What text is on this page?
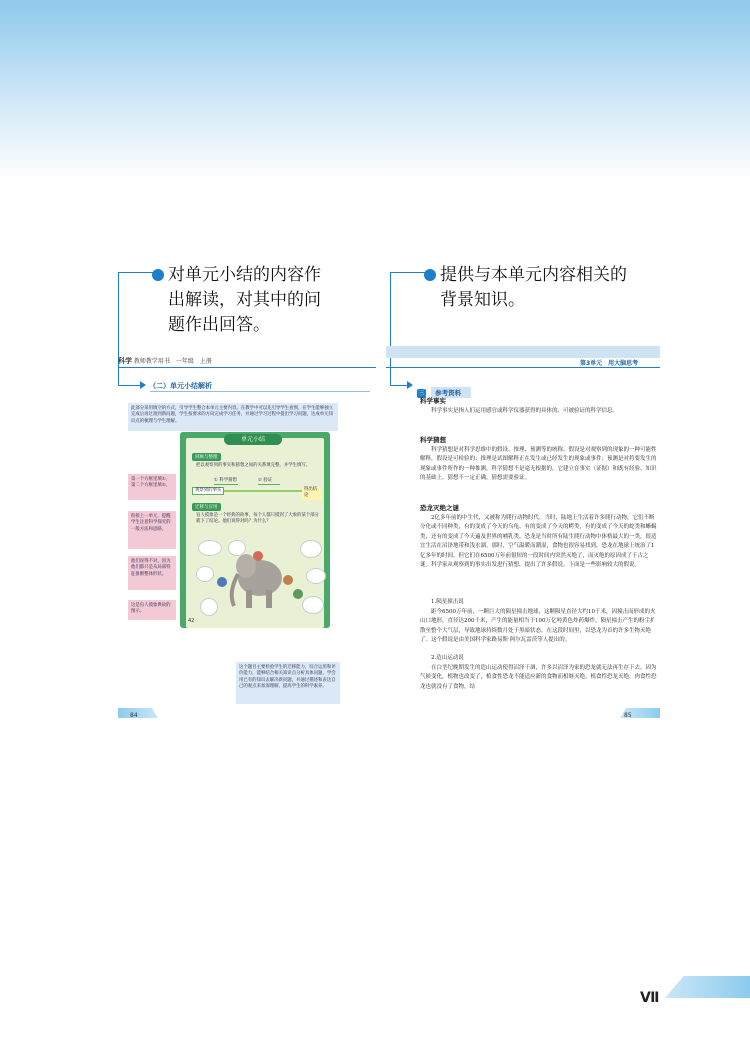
对单元小结的内容作
出解读，对其中的问
题作出回答。
提供与本单元内容相关的
背景知识。
科学 教师教学用书　一年级　上册	第3单元　用大脑思考
（二）单元小结解析
此部分采用填空的方式，引导学生整合本单元主要内容。在教学中可以先引导学生看图，在学生能够独立完成后再过渡到新问题，学生按要求的方向完成学习任务，并通过学习过程中提出学习问题，达成单元知识点的梳理与学生理解。
第一个方框里填①，第二个方框里填②。
衔接上一单元，提醒学生注意科学探究的一般方法和思路。
他们说得不对，因为他们都只是从局部特征推断整体形状。
这是盲人摸象典故的图示。
单元小结
回顾与整理
把以观察到的事实和猜想之间的关系填完整，并学生填写。
① 科学猜想	② 验证
观察到的事实	得出结论
迁移与应用
盲人摸象是一个经典的故事，每个人都只摸到了大象的某个部分就下了结论。他们说得对吗？为什么？
42
这个题目主要检验学生的迁移能力，综合运用和评价能力，能够结合相关知识点分析具体问题，学会用已有的知识去解决新问题，并通过描述和表达自己的观点来加深理解，提高学生的科学素养。
84
三 参考资料
科学事实

科学事实是指人们运用感官或科学仪器获得的具体的、可被验证的科学信息。

科学猜想

科学猜想是对科学思维中的假设、推理、预测等的统称。假设是对观察到的现象的一种可能性解释，假设是可检验的；推理是试图解释正在发生或已经发生的现象或事件；预测是对将要发生的现象或事件所作的一种推测。科学猜想不是毫无根据的，它建立在事实（证据）和既有经验、知识的基础上。猜想不一定正确，猜想需要验证。

恐龙灭绝之谜

2亿多年前的中生代，又被称为爬行动物时代。当时，陆地上生活着许多爬行动物，它们不断分化或不同种类，有的变成了今天的乌龟、有的变成了今天的鳄类，有的变成了今天的蛇类和蜥蜴类，还有的变成了今天遍及世界的哺乳类。恐龙是当时所有陆生爬行动物中体格最大的一类，很适宜生活在沼泽地带和浅水湖。那时，空气温暖而潮湿，食物也很容易找到，恐龙在地球上统治了1亿多年的时间。但它们在6500万年前很短的一段时间内突然灭绝了，而灭绝的原因成了千古之谜。科学家从观察到的事实出发进行猜想，提出了许多假说。下面是一些影响较大的假说。

1.陨星撞击说

距今6500万年前，一颗巨大的陨星撞击地球，这颗陨星直径大约10千米，因撞击而形成的火山口地形，直径达200千米，产生的能量相当于100万亿吨黄色炸药爆炸。陨星撞击产生的粉尘扩散至整个大气层，导致地球持续数月处于黑暗状态。在这段时间里，以恐龙为首的许多生物灭绝了。这个假说是由美国科学家路易斯·阿尔瓦雷茨等人提出的。

2.造山运动说

在白垩纪晚期发生的造山运动使得沼泽干涸，许多以沼泽为家的恐龙就无法再生存下去。因为气候变化，植物也改变了，植食性恐龙不能适应新的食物而相继灭绝。植食性恐龙灭绝，肉食性恐龙也就没有了食物，结

85
Ⅶ
